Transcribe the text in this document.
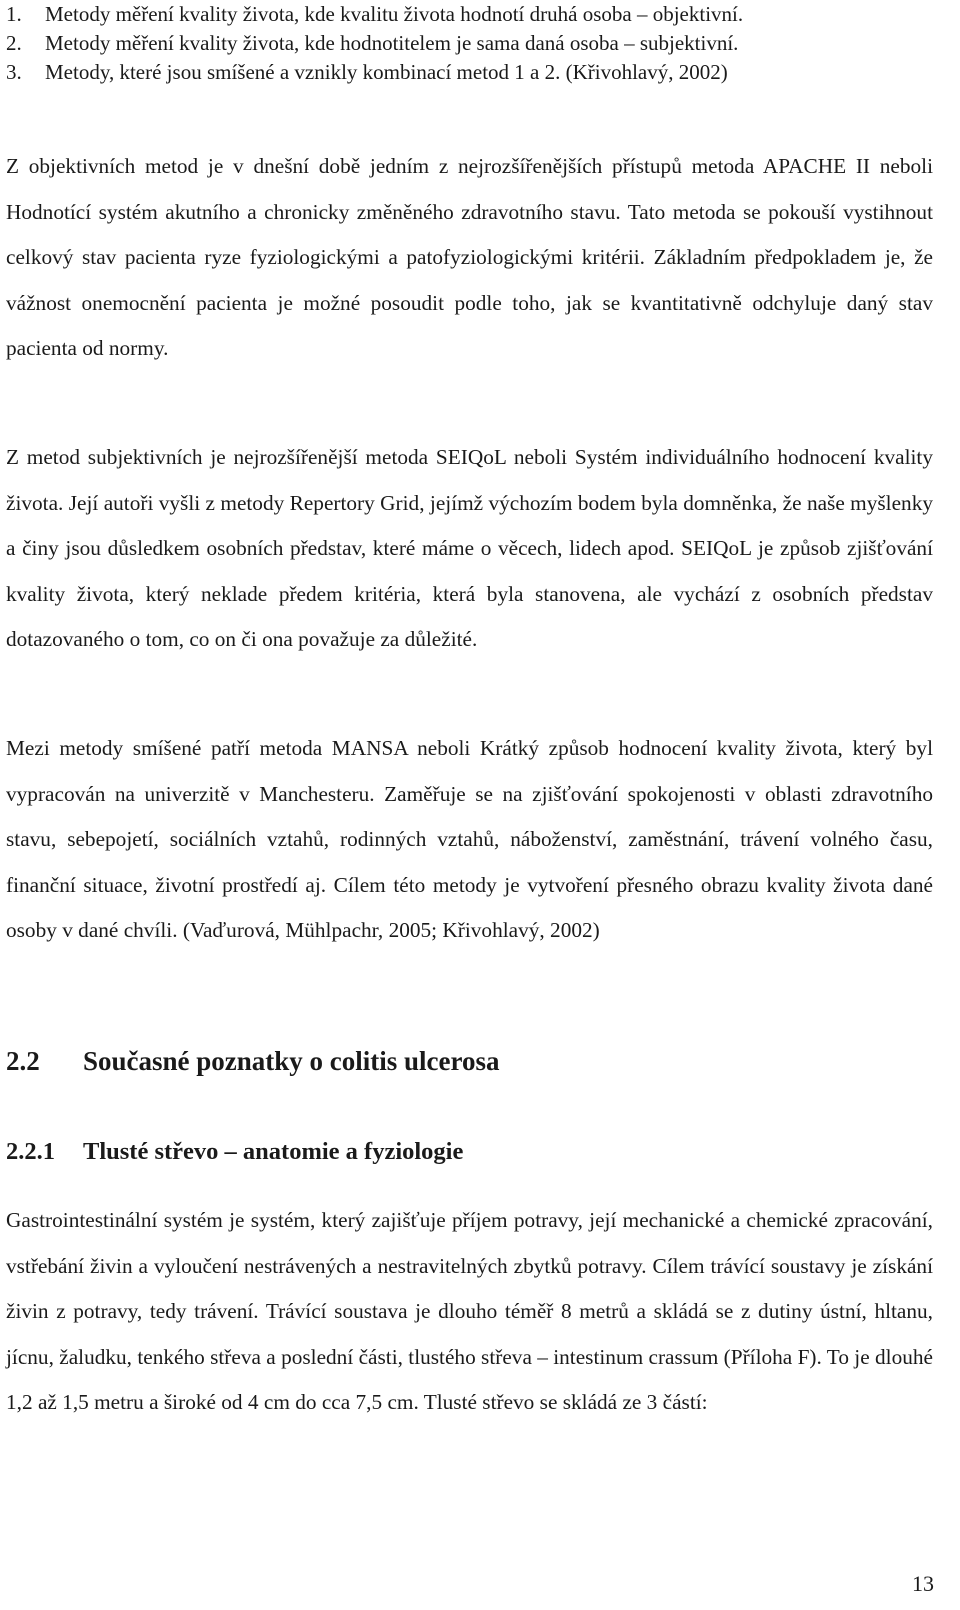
1. Metody měření kvality života, kde kvalitu života hodnotí druhá osoba – objektivní.
2. Metody měření kvality života, kde hodnotitelem je sama daná osoba – subjektivní.
3. Metody, které jsou smíšené a vznikly kombinací metod 1 a 2. (Křivohlavý, 2002)

Z objektivních metod je v dnešní době jedním z nejrozšířenějších přístupů metoda APACHE II neboli Hodnotící systém akutního a chronicky změněného zdravotního stavu. Tato metoda se pokouší vystihnout celkový stav pacienta ryze fyziologickými a patofyziologickými kritérii. Základním předpokladem je, že vážnost onemocnění pacienta je možné posoudit podle toho, jak se kvantitativně odchyluje daný stav pacienta od normy.

Z metod subjektivních je nejrozšířenější metoda SEIQoL neboli Systém individuálního hodnocení kvality života. Její autoři vyšli z metody Repertory Grid, jejímž výchozím bodem byla domněnka, že naše myšlenky a činy jsou důsledkem osobních představ, které máme o věcech, lidech apod. SEIQoL je způsob zjišťování kvality života, který neklade předem kritéria, která byla stanovena, ale vychází z osobních představ dotazovaného o tom, co on či ona považuje za důležité.

Mezi metody smíšené patří metoda MANSA neboli Krátký způsob hodnocení kvality života, který byl vypracován na univerzitě v Manchesteru. Zaměřuje se na zjišťování spokojenosti v oblasti zdravotního stavu, sebepojetí, sociálních vztahů, rodinných vztahů, náboženství, zaměstnání, trávení volného času, finanční situace, životní prostředí aj. Cílem této metody je vytvoření přesného obrazu kvality života dané osoby v dané chvíli. (Vaďurová, Mühlpachr, 2005; Křivohlavý, 2002)

2.2 Současné poznatky o colitis ulcerosa
2.2.1 Tlusté střevo – anatomie a fyziologie

Gastrointestinální systém je systém, který zajišťuje příjem potravy, její mechanické a chemické zpracování, vstřebání živin a vyloučení nestrávených a nestravitelných zbytků potravy. Cílem trávící soustavy je získání živin z potravy, tedy trávení. Trávící soustava je dlouho téměř 8 metrů a skládá se z dutiny ústní, hltanu, jícnu, žaludku, tenkého střeva a poslední části, tlustého střeva – intestinum crassum (Příloha F). To je dlouhé 1,2 až 1,5 metru a široké od 4 cm do cca 7,5 cm. Tlusté střevo se skládá ze 3 částí:

13
